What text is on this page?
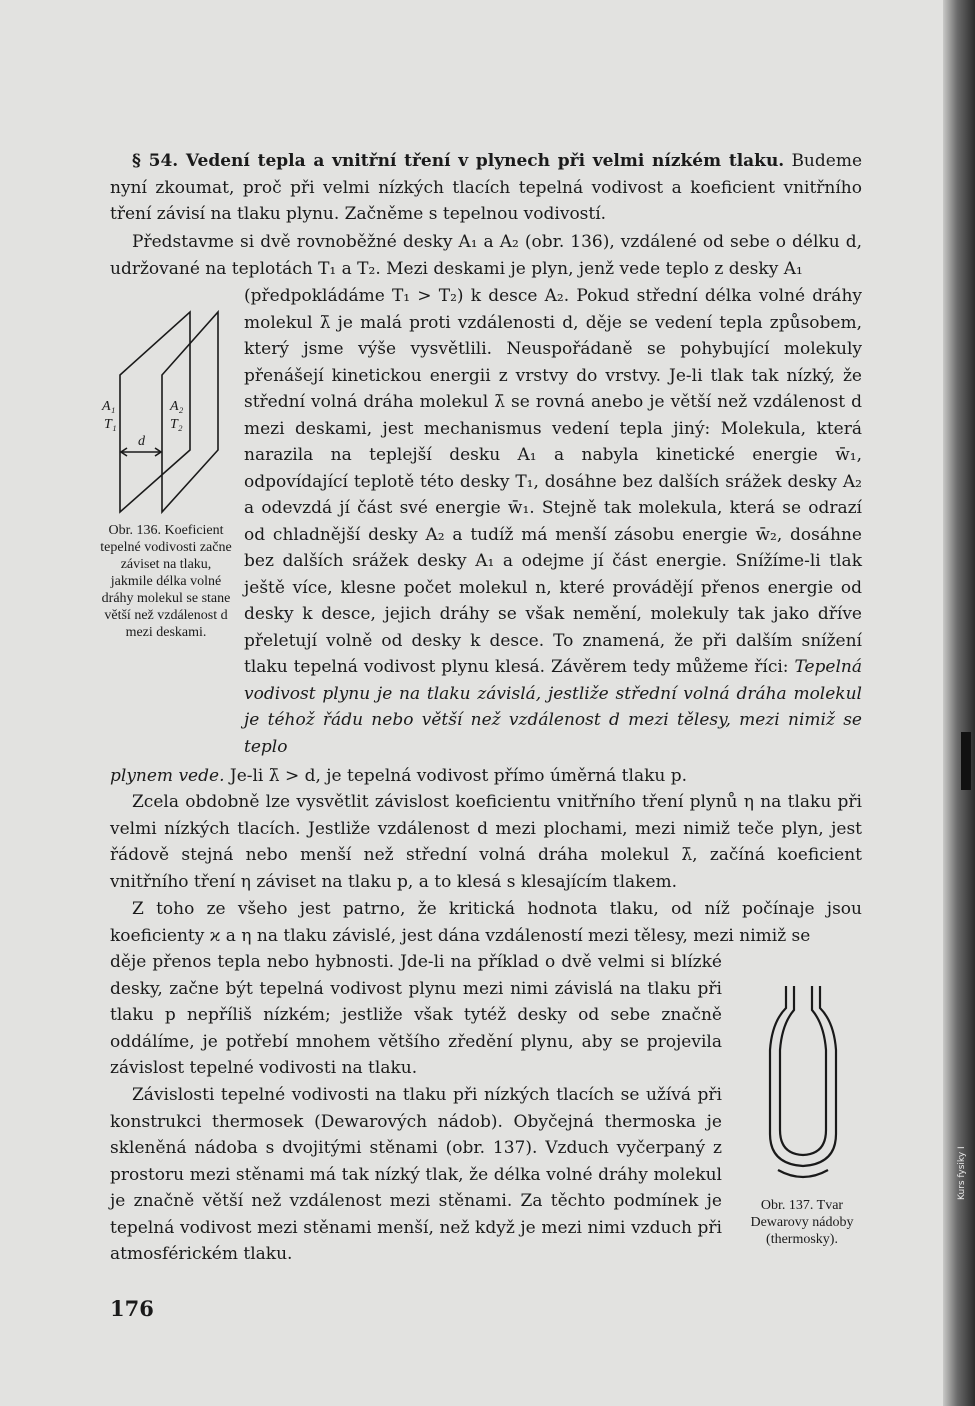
§ 54. Vedení tepla a vnitřní tření v plynech při velmi nízkém tlaku. Budeme nyní zkoumat, proč při velmi nízkých tlacích tepelná vodivost a koeficient vnitřního tření závisí na tlaku plynu. Začněme s tepelnou vodivostí.

Představme si dvě rovnoběžné desky A₁ a A₂ (obr. 136), vzdálené od sebe o délku d, udržované na teplotách T₁ a T₂. Mezi deskami je plyn, jenž vede teplo z desky A₁

(předpokládáme T₁ > T₂) k desce A₂. Pokud střední délka volné dráhy molekul λ̄ je malá proti vzdálenosti d, děje se vedení tepla způsobem, který jsme výše vysvětlili. Neuspořádaně se pohybující molekuly přenášejí kinetickou energii z vrstvy do vrstvy. Je-li tlak tak nízký, že střední volná dráha molekul λ̄ se rovná anebo je větší než vzdálenost d mezi deskami, jest mechanismus vedení tepla jiný: Molekula, která narazila na teplejší desku A₁ a nabyla kinetické energie w̄₁, odpovídající teplotě této desky T₁, dosáhne bez dalších srážek desky A₂ a odevzdá jí část své energie w̄₁. Stejně tak molekula, která se odrazí od chladnější desky A₂ a tudíž má menší zásobu energie w̄₂, dosáhne bez dalších srážek desky A₁ a odejme jí část energie. Snížíme-li tlak ještě více, klesne počet molekul n, které provádějí přenos energie od desky k desce, jejich dráhy se však nemění, molekuly tak jako dříve přeletují volně od desky k desce. To znamená, že při dalším snížení tlaku tepelná vodivost plynu klesá. Závěrem tedy můžeme říci: Tepelná vodivost plynu je na tlaku závislá, jestliže střední volná dráha molekul je téhož řádu nebo větší než vzdálenost d mezi tělesy, mezi nimiž se teplo

plynem vede. Je-li λ̄ > d, je tepelná vodivost přímo úměrná tlaku p.

Zcela obdobně lze vysvětlit závislost koeficientu vnitřního tření plynů η na tlaku při velmi nízkých tlacích. Jestliže vzdálenost d mezi plochami, mezi nimiž teče plyn, jest řádově stejná nebo menší než střední volná dráha molekul λ̄, začíná koeficient vnitřního tření η záviset na tlaku p, a to klesá s klesajícím tlakem.

Z toho ze všeho jest patrno, že kritická hodnota tlaku, od níž počínaje jsou koeficienty ϰ a η na tlaku závislé, jest dána vzdáleností mezi tělesy, mezi nimiž se

děje přenos tepla nebo hybnosti. Jde-li na příklad o dvě velmi si blízké desky, začne být tepelná vodivost plynu mezi nimi závislá na tlaku při tlaku p nepříliš nízkém; jestliže však tytéž desky od sebe značně oddálíme, je potřebí mnohem většího zředění plynu, aby se projevila závislost tepelné vodivosti na tlaku.

Závislosti tepelné vodivosti na tlaku při nízkých tlacích se užívá při konstrukci thermosek (Dewarových nádob). Obyčejná thermoska je skleněná nádoba s dvojitými stěnami (obr. 137). Vzduch vyčerpaný z prostoru mezi stěnami má tak nízký tlak, že délka volné dráhy molekul je značně větší než vzdálenost mezi stěnami. Za těchto podmínek je tepelná vodivost mezi stěnami menší, než když je mezi nimi vzduch při atmosférickém tlaku.

A₁
T₁
A₂
T₂
d

Obr. 136. Koeficient tepelné vodivosti začne záviset na tlaku, jakmile délka volné dráhy molekul se stane větší než vzdálenost d mezi deskami.

Obr. 137. Tvar Dewarovy nádoby (thermosky).

176
Kurs fysiky I
